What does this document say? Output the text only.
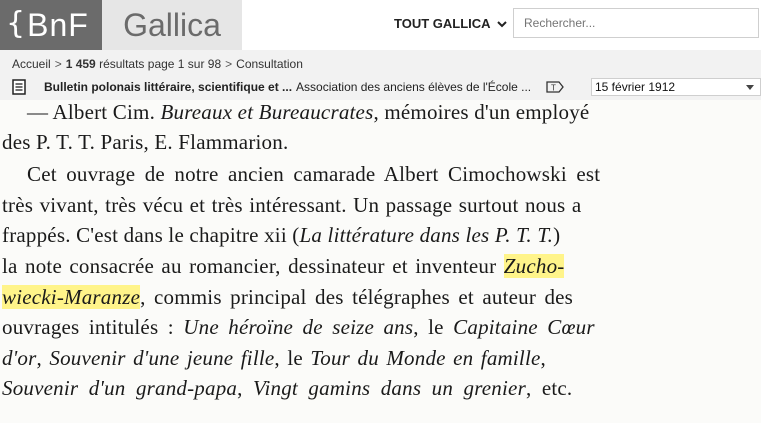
{ BnF	Gallica	TOUT GALLICA
Rechercher...
Accueil > 1 459 résultats page 1 sur 98 > Consultation
Bulletin polonais littéraire, scientifique et ... Association des anciens élèves de l'École ...	T	15 février 1912
— Albert Cim. Bureaux et Bureaucrates, mémoires d'un employé
des P. T. T. Paris, E. Flammarion.
Cet ouvrage de notre ancien camarade Albert Cimochowski est
très vivant, très vécu et très intéressant. Un passage surtout nous a
frappés. C'est dans le chapitre xii (La littérature dans les P. T. T.)
la note consacrée au romancier, dessinateur et inventeur Zucho-
wiecki-Maranze, commis principal des télégraphes et auteur des
ouvrages intitulés : Une héroïne de seize ans, le Capitaine Cœur
d'or, Souvenir d'une jeune fille, le Tour du Monde en famille,
Souvenir d'un grand-papa, Vingt gamins dans un grenier, etc.
